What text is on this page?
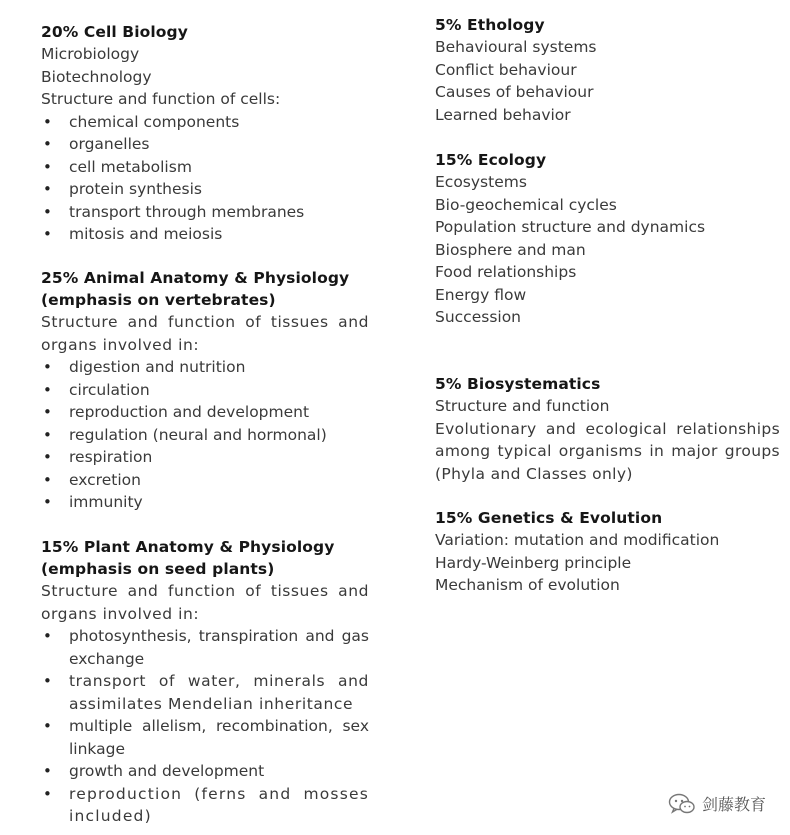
20% Cell Biology

Microbiology

Biotechnology

Structure and function of cells:

• chemical components
• organelles
• cell metabolism
• protein synthesis
• transport through membranes
• mitosis and meiosis

25% Animal Anatomy & Physiology

(emphasis on vertebrates)

Structure and function of tissues and organs involved in:

• digestion and nutrition
• circulation
• reproduction and development
• regulation (neural and hormonal)
• respiration
• excretion
• immunity

15% Plant Anatomy & Physiology

(emphasis on seed plants)

Structure and function of tissues and organs involved in:

• photosynthesis, transpiration and gas exchange
• transport of water, minerals and assimilates Mendelian inheritance
• multiple allelism, recombination, sex linkage
• growth and development
• reproduction (ferns and mosses included)

5% Ethology

Behavioural systems

Conflict behaviour

Causes of behaviour

Learned behavior

15% Ecology

Ecosystems

Bio-geochemical cycles

Population structure and dynamics

Biosphere and man

Food relationships

Energy flow

Succession

5% Biosystematics

Structure and function

Evolutionary and ecological relationships among typical organisms in major groups (Phyla and Classes only)

15% Genetics & Evolution

Variation: mutation and modification

Hardy-Weinberg principle

Mechanism of evolution

剑藤教育
